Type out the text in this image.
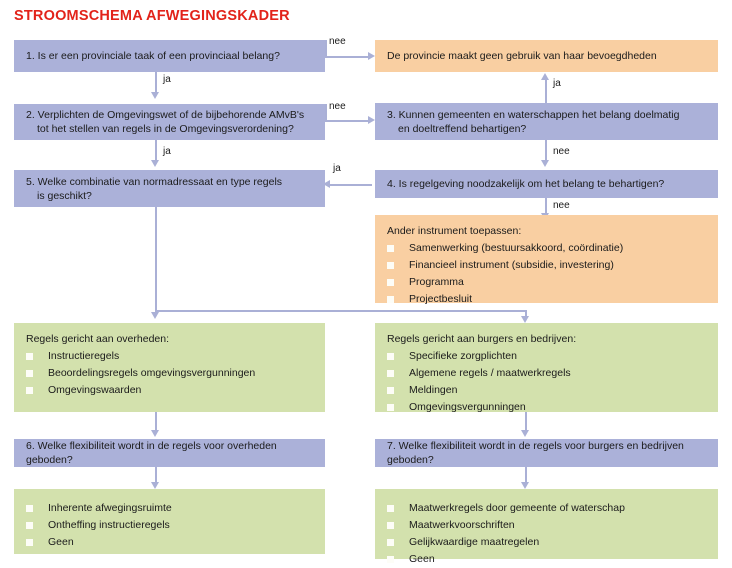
STROOMSCHEMA AFWEGINGSKADER
ja
nee
ja
nee
ja
nee
ja
nee
1. Is er een provinciale taak of een provinciaal belang?	De provincie maakt geen gebruik van haar bevoegdheden
2. Verplichten de Omgevingswet of de bijbehorende AMvB's
tot het stellen van regels in de Omgevingsverordening?
3. Kunnen gemeenten en waterschappen het belang doelmatig
en doeltreffend behartigen?
5. Welke combinatie van normadressaat en type regels
is geschikt?
4. Is regelgeving noodzakelijk om het belang te behartigen?
Ander instrument toepassen:
Samenwerking (bestuursakkoord, coördinatie)
Financieel instrument (subsidie, investering)
Programma
Projectbesluit
Regels gericht aan overheden:
Instructieregels
Beoordelingsregels omgevingsvergunningen
Omgevingswaarden
Regels gericht aan burgers en bedrijven:
Specifieke zorgplichten
Algemene regels / maatwerkregels
Meldingen
Omgevingsvergunningen
6. Welke flexibiliteit wordt in de regels voor overheden geboden?
7. Welke flexibiliteit wordt in de regels voor burgers en bedrijven geboden?
Inherente afwegingsruimte
Ontheffing instructieregels
Geen
Maatwerkregels door gemeente of waterschap
Maatwerkvoorschriften
Gelijkwaardige maatregelen
Geen
